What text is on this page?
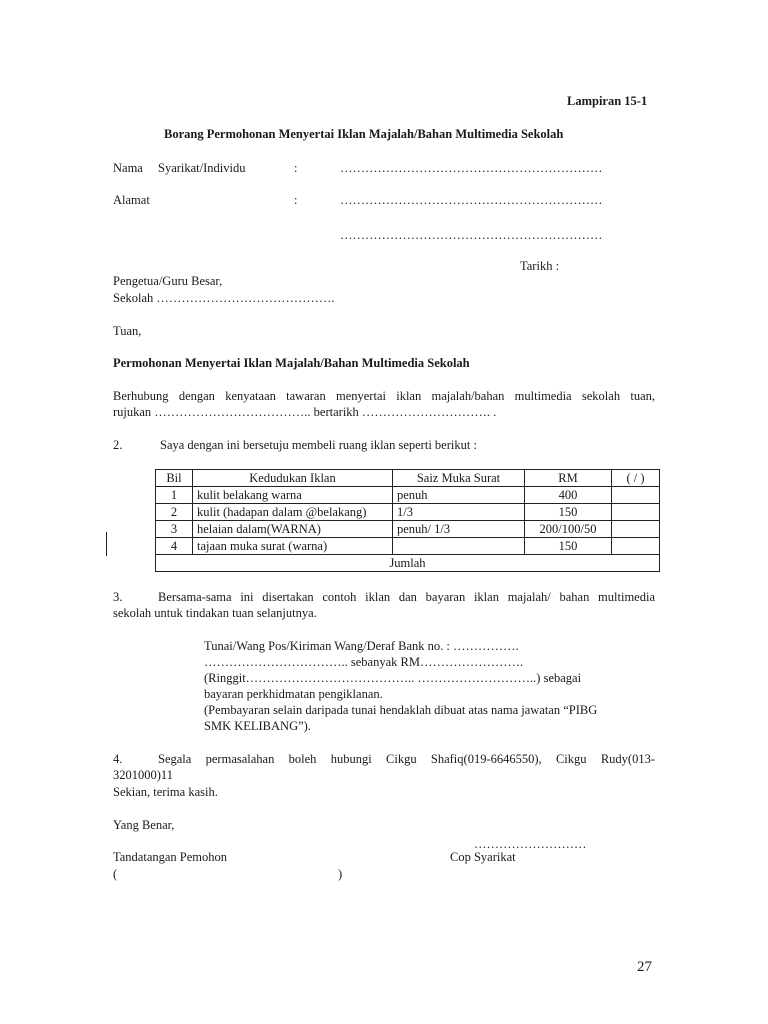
Lampiran 15-1
Borang Permohonan Menyertai Iklan Majalah/Bahan Multimedia Sekolah
Nama Syarikat/Individu	:	………………………………………………………
Alamat	:	………………………………………………………
………………………………………………………
Tarikh :
Pengetua/Guru Besar,
Sekolah …………………………………….
Tuan,
Permohonan Menyertai Iklan Majalah/Bahan Multimedia Sekolah
Berhubung dengan kenyataan tawaran menyertai iklan majalah/bahan multimedia sekolah tuan,
rujukan ……………………………….. bertarikh …………………………. .
2.	Saya dengan ini bersetuju membeli ruang iklan seperti berikut :
Bil	Kedudukan Iklan	Saiz Muka Surat	RM	( / )
1	kulit belakang warna	penuh	400	
2	kulit (hadapan dalam @belakang)	1/3	150	
3	helaian dalam(WARNA)	penuh/ 1/3	200/100/50	
4	tajaan muka surat (warna)		150	
Jumlah				
3.	Bersama-sama ini disertakan contoh iklan dan bayaran iklan majalah/ bahan multimedia
sekolah untuk tindakan tuan selanjutnya.
Tunai/Wang Pos/Kiriman Wang/Deraf Bank no. : …………….
…………………………….. sebanyak RM…………………….
(Ringgit………………………………….. ………………………..) sebagai
bayaran perkhidmatan pengiklanan.
(Pembayaran selain daripada tunai hendaklah dibuat atas nama jawatan “PIBG
SMK KELIBANG”).
4.	Segala permasalahan boleh hubungi Cikgu Shafiq(019-6646550), Cikgu Rudy(013-
3201000)11
Sekian, terima kasih.
Yang Benar,
………………………
Tandatangan Pemohon	Cop Syarikat
(	)
27
